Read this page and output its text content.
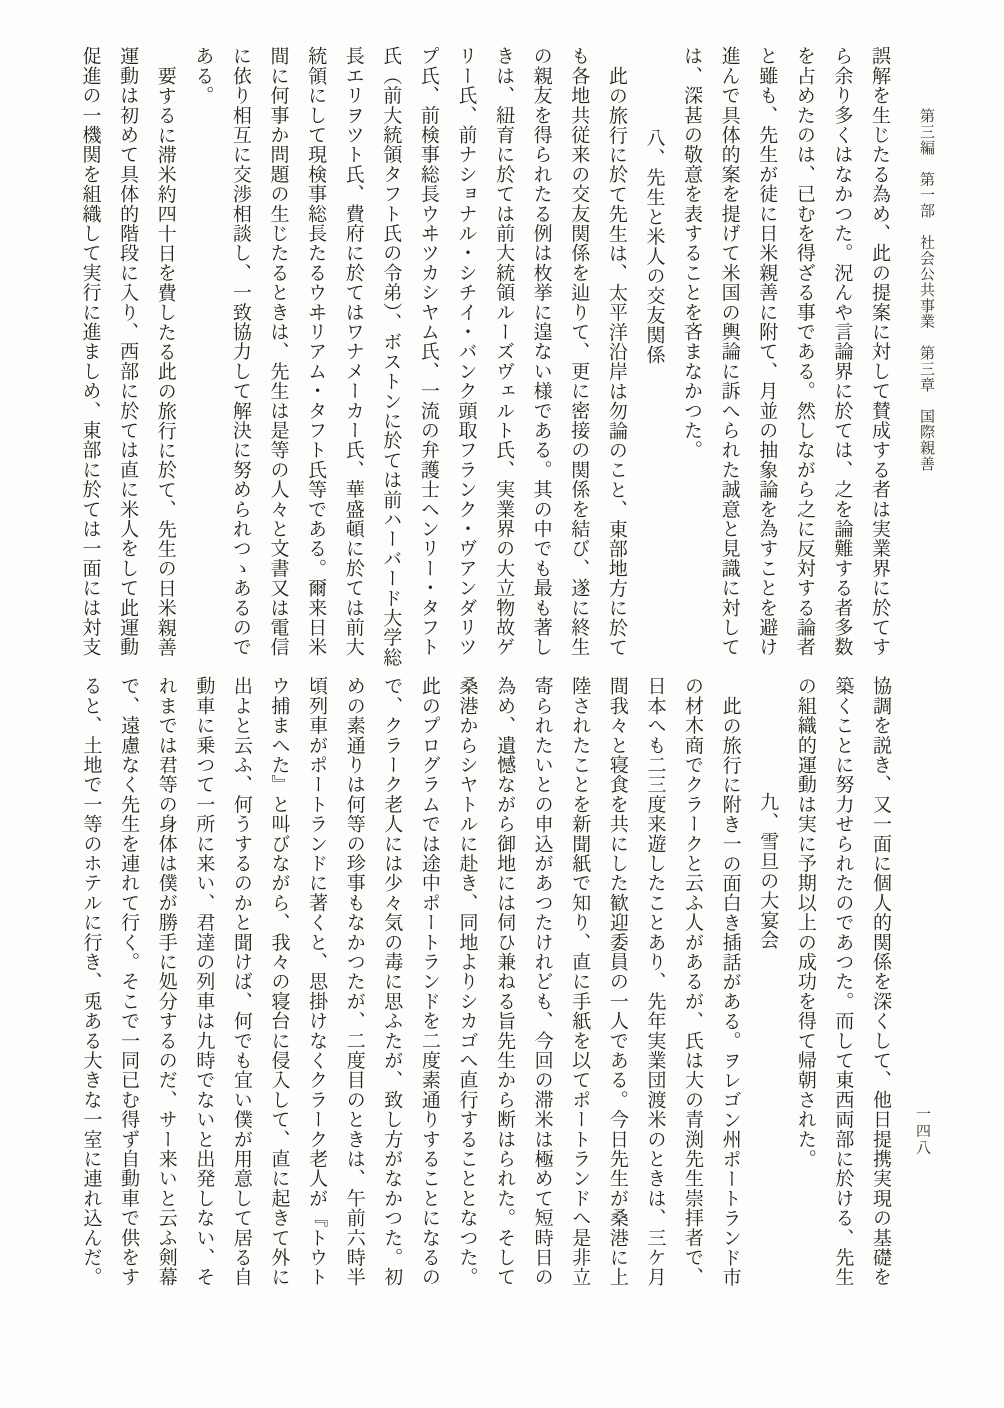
第三編　第一部　社会公共事業　第三章　国際親善
誤解を生じたる為め、此の提案に対して賛成する者は実業界に於てす
ら余り多くはなかつた。況んや言論界に於ては、之を論難する者多数
を占めたのは、已むを得ざる事である。然しながら之に反対する論者
と雖も、先生が徒に日米親善に附て、月並の抽象論を為すことを避け
進んで具体的案を提げて米国の輿論に訴へられた誠意と見識に対して
は、深甚の敬意を表することを吝まなかつた。
八、先生と米人の交友関係
此の旅行に於て先生は、太平洋沿岸は勿論のこと、東部地方に於て
も各地共従来の交友関係を辿りて、更に密接の関係を結び、遂に終生
の親友を得られたる例は枚挙に遑ない様である。其の中でも最も著し
きは、紐育に於ては前大統領ルーズヴェルト氏、実業界の大立物故ゲ
リー氏、前ナショナル・シチイ・バンク頭取フランク・ヴアンダリツ
プ氏、前検事総長ウヰツカシヤム氏、一流の弁護士ヘンリー・タフト
氏（前大統領タフト氏の令弟）、ボストンに於ては前ハーバード大学総
長エリヲツト氏、費府に於てはワナメーカー氏、華盛頓に於ては前大
統領にして現検事総長たるウヰリアム・タフト氏等である。爾来日米
間に何事か問題の生じたるときは、先生は是等の人々と文書又は電信
に依り相互に交渉相談し、一致協力して解決に努められつゝあるので
ある。
要するに滞米約四十日を費したる此の旅行に於て、先生の日米親善
運動は初めて具体的階段に入り、西部に於ては直に米人をして此運動
促進の一機関を組織して実行に進ましめ、東部に於ては一面には対支
協調を説き、又一面に個人的関係を深くして、他日提携実現の基礎を
築くことに努力せられたのであつた。而して東西両部に於ける、先生
の組織的運動は実に予期以上の成功を得て帰朝された。
九、雪旦の大宴会
此の旅行に附き一の面白き插話がある。ヲレゴン州ポートランド市
の材木商でクラークと云ふ人があるが、氏は大の青渕先生崇拝者で、
日本へも二三度来遊したことあり、先年実業団渡米のときは、三ケ月
間我々と寝食を共にした歓迎委員の一人である。今日先生が桑港に上
陸されたことを新聞紙で知り、直に手紙を以てポートランドへ是非立
寄られたいとの申込があつたけれども、今回の滞米は極めて短時日の
為め、遺憾ながら御地には伺ひ兼ねる旨先生から断はられた。そして
桑港からシヤトルに赴き、同地よりシカゴへ直行することとなつた。
此のプログラムでは途中ポートランドを二度素通りすることになるの
で、クラーク老人には少々気の毒に思ふたが、致し方がなかつた。初
めの素通りは何等の珍事もなかつたが、二度目のときは、午前六時半
頃列車がポートランドに著くと、思掛けなくクラーク老人が『トウト
ウ捕まへた』と叫びながら、我々の寝台に侵入して、直に起きて外に
出よと云ふ、何うするのかと聞けば、何でも宜い僕が用意して居る自
動車に乗つて一所に来い、君達の列車は九時でないと出発しない、そ
れまでは君等の身体は僕が勝手に処分するのだ、サー来いと云ふ剣幕
で、遠慮なく先生を連れて行く。そこで一同已む得ず自動車で供をす
ると、土地で一等のホテルに行き、兎ある大きな一室に連れ込んだ。	一四八
